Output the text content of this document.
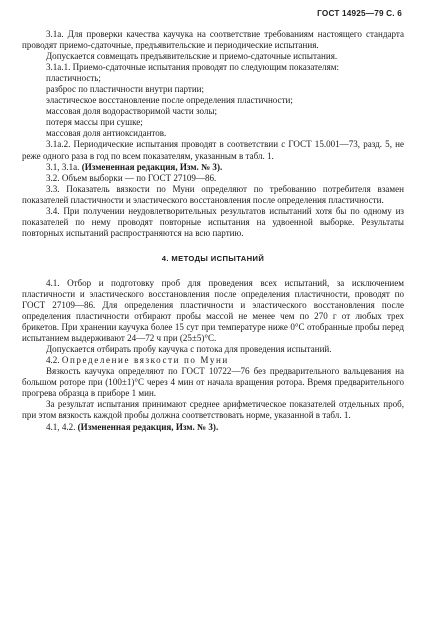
ГОСТ 14925—79 С. 6

3.1а. Для проверки качества каучука на соответствие требованиям настоящего стандарта проводят приемо-сдаточные, предъявительские и периодические испытания.

Допускается совмещать предъявительские и приемо-сдаточные испытания.

3.1а.1. Приемо-сдаточные испытания проводят по следующим показателям:

пластичность;

разброс по пластичности внутри партии;

эластическое восстановление после определения пластичности;

массовая доля водорастворимой части золы;

потеря массы при сушке;

массовая доля антиоксидантов.

3.1а.2. Периодические испытания проводят в соответствии с ГОСТ 15.001—73, разд. 5, не реже одного раза в год по всем показателям, указанным в табл. 1.

3.1, 3.1а. (Измененная редакция, Изм. № 3).

3.2. Объем выборки — по ГОСТ 27109—86.

3.3. Показатель вязкости по Муни определяют по требованию потребителя взамен показателей пластичности и эластического восстановления после определения пластичности.

3.4. При получении неудовлетворительных результатов испытаний хотя бы по одному из показателей по нему проводят повторные испытания на удвоенной выборке. Результаты повторных испытаний распространяются на всю партию.

4. МЕТОДЫ ИСПЫТАНИЙ

4.1. Отбор и подготовку проб для проведения всех испытаний, за исключением пластичности и эластического восстановления после определения пластичности, проводят по ГОСТ 27109—86. Для определения пластичности и эластического восстановления после определения пластичности отбирают пробы массой не менее чем по 270 г от любых трех брикетов. При хранении каучука более 15 сут при температуре ниже 0°С отобранные пробы перед испытанием выдерживают 24—72 ч при (25±5)°С.

Допускается отбирать пробу каучука с потока для проведения испытаний.

4.2. Определение вязкости по Муни

Вязкость каучука определяют по ГОСТ 10722—76 без предварительного вальцевания на большом роторе при (100±1)°С через 4 мин от начала вращения ротора. Время предварительного прогрева образца в приборе 1 мин.

За результат испытания принимают среднее арифметическое показателей отдельных проб, при этом вязкость каждой пробы должна соответствовать норме, указанной в табл. 1.

4.1, 4.2. (Измененная редакция, Изм. № 3).
